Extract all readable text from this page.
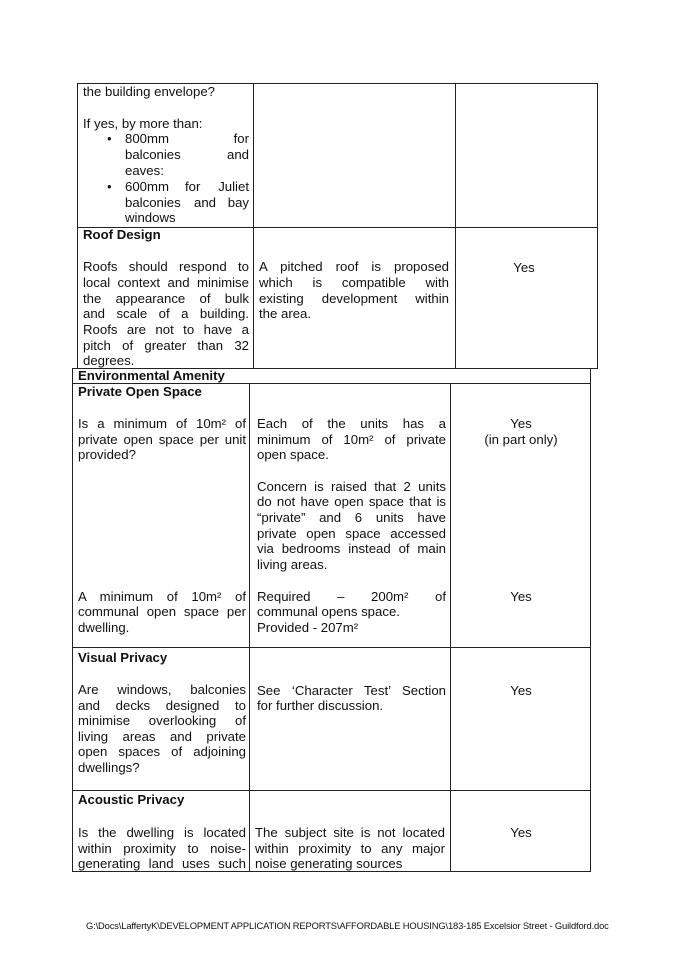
the building envelope?
If yes, by more than:
• 800mm	for
balconies	and
eaves:
• 600mm for Juliet
balconies and bay
windows
Roof Design
Roofs should respond to
local context and minimise
the appearance of bulk
and scale of a building.
Roofs are not to have a
pitch of greater than 32
degrees.
A pitched roof is proposed
which is compatible with
existing development within
the area.
Yes
Environmental Amenity
Private Open Space
Is a minimum of 10m² of
private open space per unit
provided?
Each of the units has a
minimum of 10m² of private
open space.
Concern is raised that 2 units
do not have open space that is
“private” and 6 units have
private open space accessed
via bedrooms instead of main
living areas.
Yes
(in part only)
A minimum of 10m² of
communal open space per
dwelling.
Required – 200m² of
communal opens space.
Provided - 207m²
Yes
Visual Privacy
Are windows, balconies
and decks designed to
minimise overlooking of
living areas and private
open spaces of adjoining
dwellings?
See ‘Character Test’ Section
for further discussion.
Yes
Acoustic Privacy
Is the dwelling is located
within proximity to noise-
generating land uses such
The subject site is not located
within proximity to any major
noise generating sources
Yes
G:\Docs\LaffertyK\DEVELOPMENT APPLICATION REPORTS\AFFORDABLE HOUSING\183-185 Excelsior Street - Guildford.doc
